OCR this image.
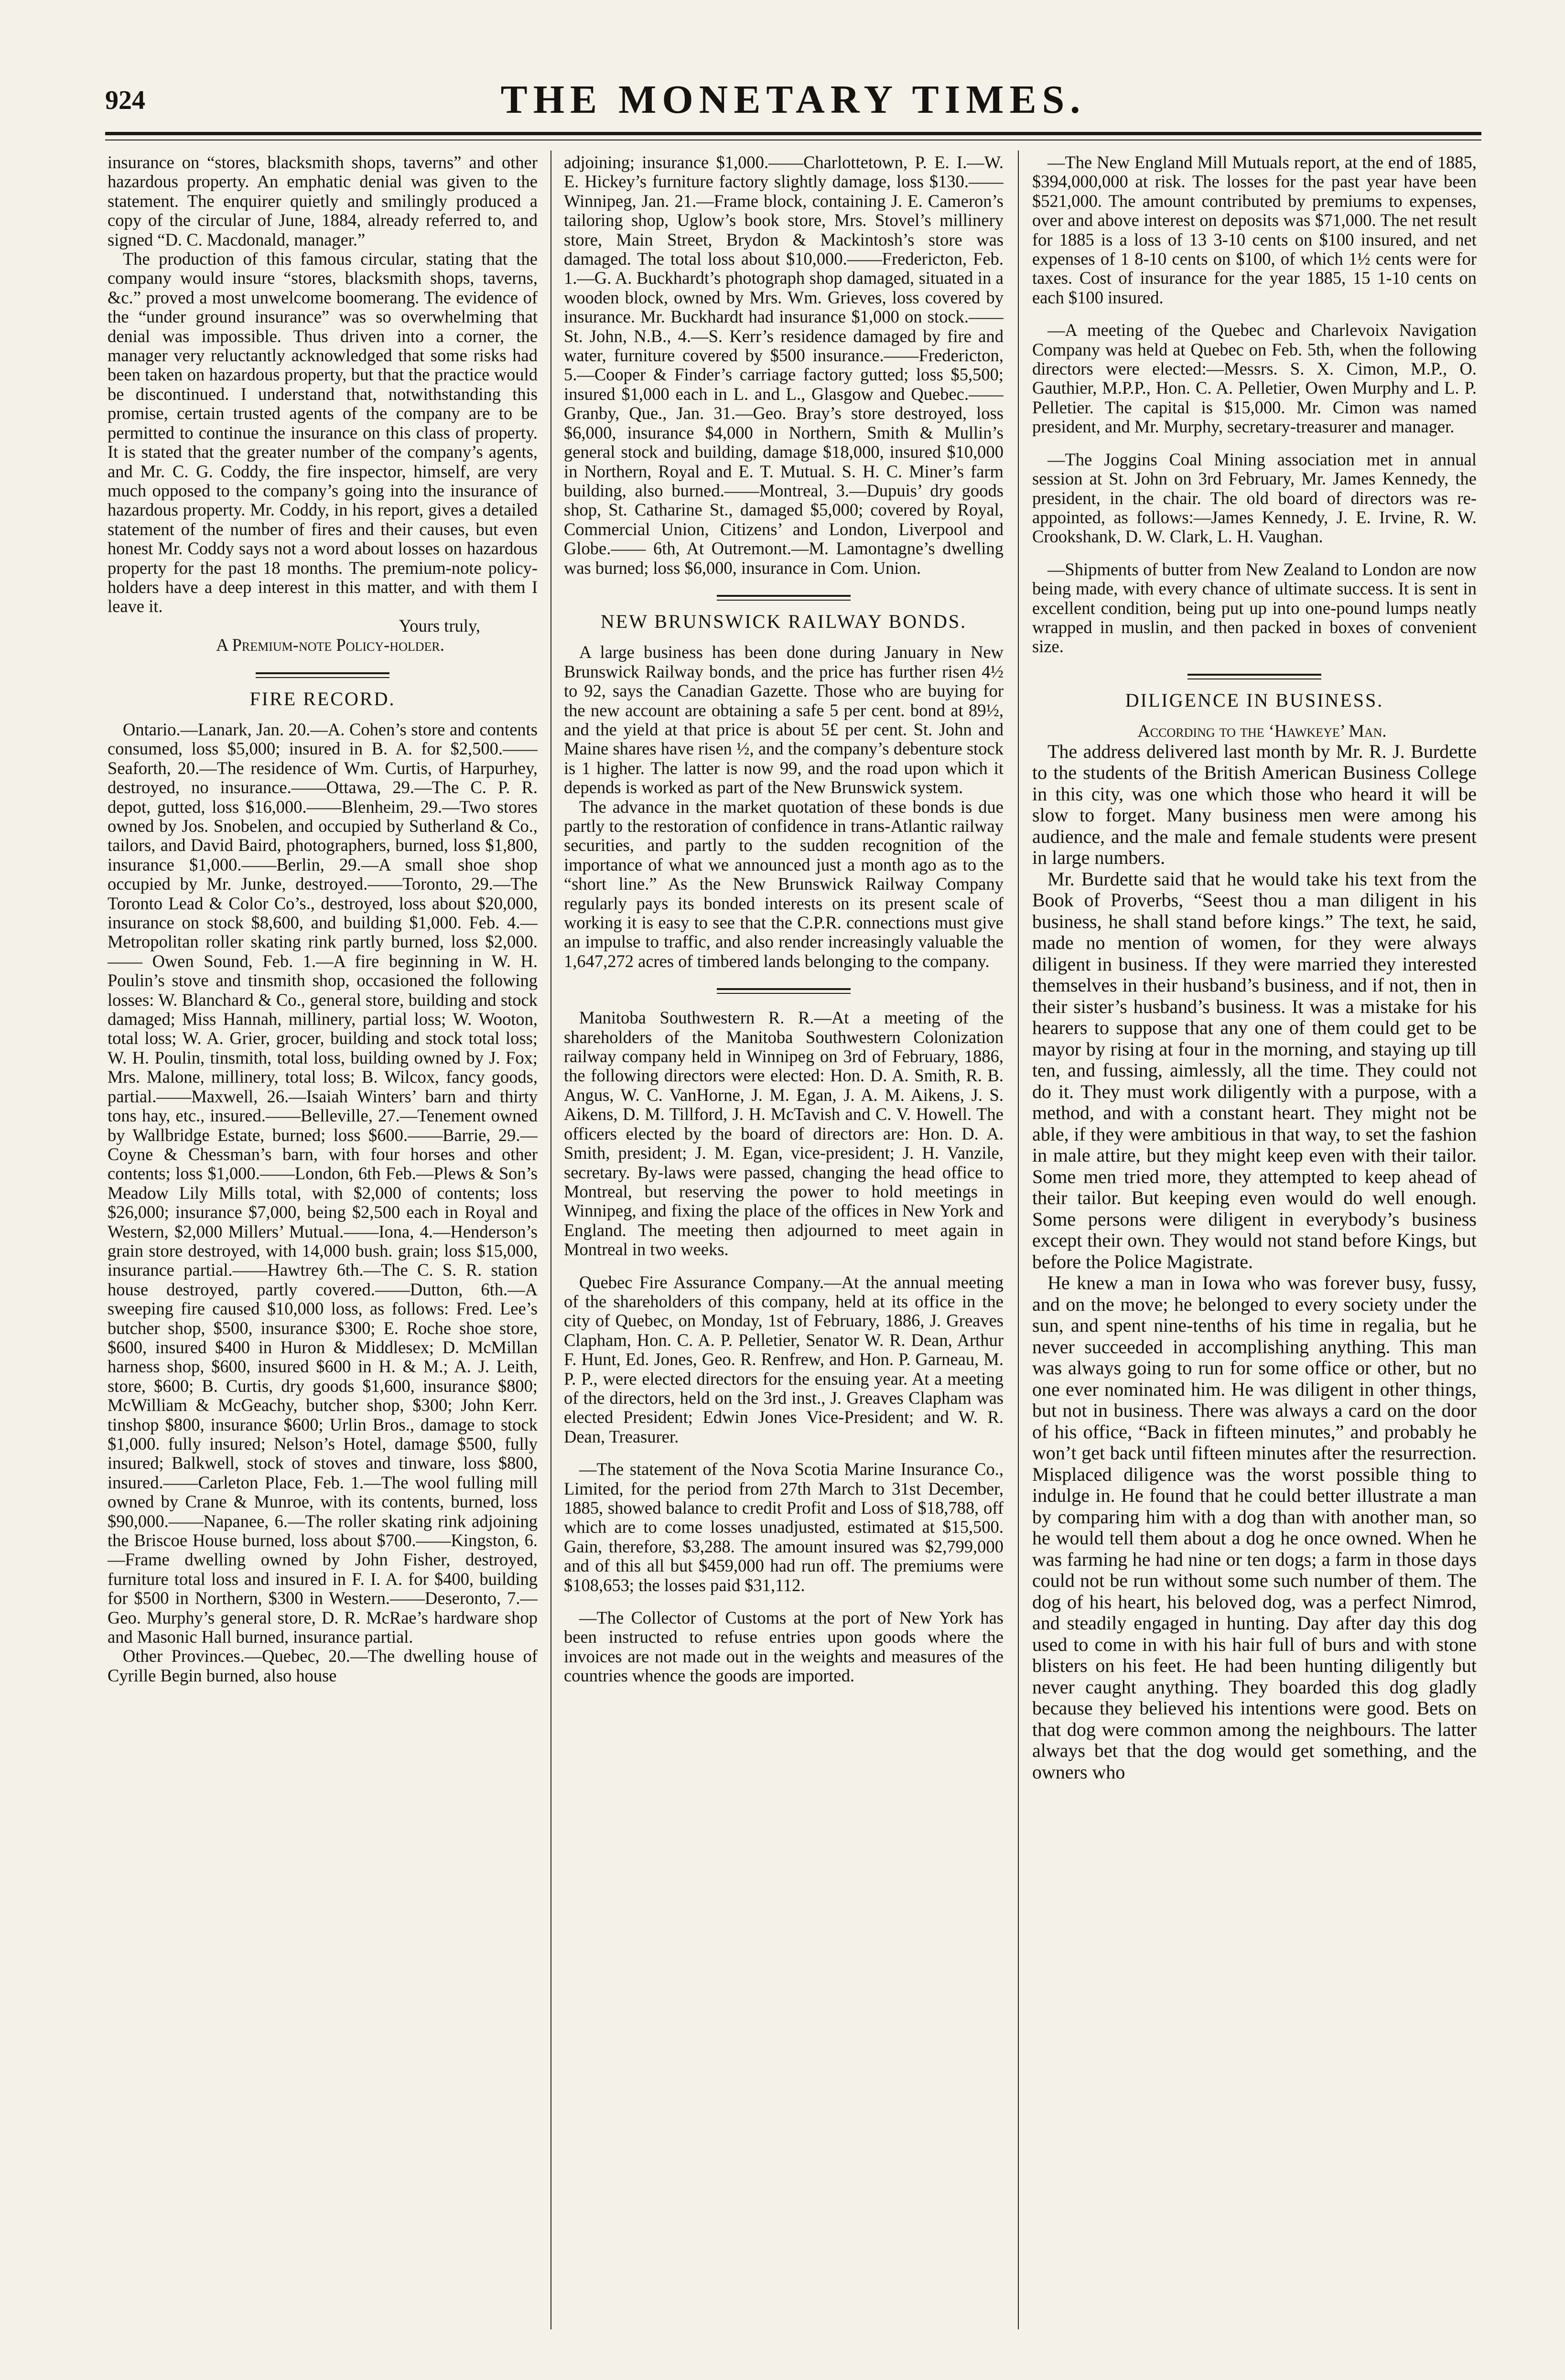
924	THE MONETARY TIMES.

insurance on “stores, blacksmith shops, taverns” and other hazardous property. An emphatic denial was given to the statement. The enquirer quietly and smilingly produced a copy of the circular of June, 1884, already referred to, and signed “D. C. Macdonald, manager.”

The production of this famous circular, stating that the company would insure “stores, blacksmith shops, taverns, &c.” proved a most unwelcome boomerang. The evidence of the “under ground insurance” was so overwhelming that denial was impossible. Thus driven into a corner, the manager very reluctantly acknowledged that some risks had been taken on hazardous property, but that the practice would be discontinued. I understand that, notwithstanding this promise, certain trusted agents of the company are to be permitted to continue the insurance on this class of property. It is stated that the greater number of the company’s agents, and Mr. C. G. Coddy, the fire inspector, himself, are very much opposed to the company’s going into the insurance of hazardous property. Mr. Coddy, in his report, gives a detailed statement of the number of fires and their causes, but even honest Mr. Coddy says not a word about losses on hazardous property for the past 18 months. The premium-note policy-holders have a deep interest in this matter, and with them I leave it.

Yours truly,

A Premium-note Policy-holder.

FIRE RECORD.

Ontario.—Lanark, Jan. 20.—A. Cohen’s store and contents consumed, loss $5,000; insured in B. A. for $2,500.——Seaforth, 20.—The residence of Wm. Curtis, of Harpurhey, destroyed, no insurance.——Ottawa, 29.—The C. P. R. depot, gutted, loss $16,000.——Blenheim, 29.—Two stores owned by Jos. Snobelen, and occupied by Sutherland & Co., tailors, and David Baird, photographers, burned, loss $1,800, insurance $1,000.——Berlin, 29.—A small shoe shop occupied by Mr. Junke, destroyed.——Toronto, 29.—The Toronto Lead & Color Co’s., destroyed, loss about $20,000, insurance on stock $8,600, and building $1,000. Feb. 4.—Metropolitan roller skating rink partly burned, loss $2,000. —— Owen Sound, Feb. 1.—A fire beginning in W. H. Poulin’s stove and tinsmith shop, occasioned the following losses: W. Blanchard & Co., general store, building and stock damaged; Miss Hannah, millinery, partial loss; W. Wooton, total loss; W. A. Grier, grocer, building and stock total loss; W. H. Poulin, tinsmith, total loss, building owned by J. Fox; Mrs. Malone, millinery, total loss; B. Wilcox, fancy goods, partial.——Maxwell, 26.—Isaiah Winters’ barn and thirty tons hay, etc., insured.——Belleville, 27.—Tenement owned by Wallbridge Estate, burned; loss $600.——Barrie, 29.—Coyne & Chessman’s barn, with four horses and other contents; loss $1,000.——London, 6th Feb.—Plews & Son’s Meadow Lily Mills total, with $2,000 of contents; loss $26,000; insurance $7,000, being $2,500 each in Royal and Western, $2,000 Millers’ Mutual.——Iona, 4.—Henderson’s grain store destroyed, with 14,000 bush. grain; loss $15,000, insurance partial.——Hawtrey 6th.—The C. S. R. station house destroyed, partly covered.——Dutton, 6th.—A sweeping fire caused $10,000 loss, as follows: Fred. Lee’s butcher shop, $500, insurance $300; E. Roche shoe store, $600, insured $400 in Huron & Middlesex; D. McMillan harness shop, $600, insured $600 in H. & M.; A. J. Leith, store, $600; B. Curtis, dry goods $1,600, insurance $800; McWilliam & McGeachy, butcher shop, $300; John Kerr. tinshop $800, insurance $600; Urlin Bros., damage to stock $1,000. fully insured; Nelson’s Hotel, damage $500, fully insured; Balkwell, stock of stoves and tinware, loss $800, insured.——Carleton Place, Feb. 1.—The wool fulling mill owned by Crane & Munroe, with its contents, burned, loss $90,000.——Napanee, 6.—The roller skating rink adjoining the Briscoe House burned, loss about $700.——Kingston, 6.—Frame dwelling owned by John Fisher, destroyed, furniture total loss and insured in F. I. A. for $400, building for $500 in Northern, $300 in Western.——Deseronto, 7.—Geo. Murphy’s general store, D. R. McRae’s hardware shop and Masonic Hall burned, insurance partial.

Other Provinces.—Quebec, 20.—The dwelling house of Cyrille Begin burned, also house

adjoining; insurance $1,000.——Charlottetown, P. E. I.—W. E. Hickey’s furniture factory slightly damage, loss $130.——Winnipeg, Jan. 21.—Frame block, containing J. E. Cameron’s tailoring shop, Uglow’s book store, Mrs. Stovel’s millinery store, Main Street, Brydon & Mackintosh’s store was damaged. The total loss about $10,000.——Fredericton, Feb. 1.—G. A. Buckhardt’s photograph shop damaged, situated in a wooden block, owned by Mrs. Wm. Grieves, loss covered by insurance. Mr. Buckhardt had insurance $1,000 on stock.——St. John, N.B., 4.—S. Kerr’s residence damaged by fire and water, furniture covered by $500 insurance.——Fredericton, 5.—Cooper & Finder’s carriage factory gutted; loss $5,500; insured $1,000 each in L. and L., Glasgow and Quebec.——Granby, Que., Jan. 31.—Geo. Bray’s store destroyed, loss $6,000, insurance $4,000 in Northern, Smith & Mullin’s general stock and building, damage $18,000, insured $10,000 in Northern, Royal and E. T. Mutual. S. H. C. Miner’s farm building, also burned.——Montreal, 3.—Dupuis’ dry goods shop, St. Catharine St., damaged $5,000; covered by Royal, Commercial Union, Citizens’ and London, Liverpool and Globe.—— 6th, At Outremont.—M. Lamontagne’s dwelling was burned; loss $6,000, insurance in Com. Union.

NEW BRUNSWICK RAILWAY BONDS.

A large business has been done during January in New Brunswick Railway bonds, and the price has further risen 4½ to 92, says the Canadian Gazette. Those who are buying for the new account are obtaining a safe 5 per cent. bond at 89½, and the yield at that price is about 5£ per cent. St. John and Maine shares have risen ½, and the company’s debenture stock is 1 higher. The latter is now 99, and the road upon which it depends is worked as part of the New Brunswick system.

The advance in the market quotation of these bonds is due partly to the restoration of confidence in trans-Atlantic railway securities, and partly to the sudden recognition of the importance of what we announced just a month ago as to the “short line.” As the New Brunswick Railway Company regularly pays its bonded interests on its present scale of working it is easy to see that the C.P.R. connections must give an impulse to traffic, and also render increasingly valuable the 1,647,272 acres of timbered lands belonging to the company.

Manitoba Southwestern R. R.—At a meeting of the shareholders of the Manitoba Southwestern Colonization railway company held in Winnipeg on 3rd of February, 1886, the following directors were elected: Hon. D. A. Smith, R. B. Angus, W. C. VanHorne, J. M. Egan, J. A. M. Aikens, J. S. Aikens, D. M. Tillford, J. H. McTavish and C. V. Howell. The officers elected by the board of directors are: Hon. D. A. Smith, president; J. M. Egan, vice-president; J. H. Vanzile, secretary. By-laws were passed, changing the head office to Montreal, but reserving the power to hold meetings in Winnipeg, and fixing the place of the offices in New York and England. The meeting then adjourned to meet again in Montreal in two weeks.

Quebec Fire Assurance Company.—At the annual meeting of the shareholders of this company, held at its office in the city of Quebec, on Monday, 1st of February, 1886, J. Greaves Clapham, Hon. C. A. P. Pelletier, Senator W. R. Dean, Arthur F. Hunt, Ed. Jones, Geo. R. Renfrew, and Hon. P. Garneau, M. P. P., were elected directors for the ensuing year. At a meeting of the directors, held on the 3rd inst., J. Greaves Clapham was elected President; Edwin Jones Vice-President; and W. R. Dean, Treasurer.

—The statement of the Nova Scotia Marine Insurance Co., Limited, for the period from 27th March to 31st December, 1885, showed balance to credit Profit and Loss of $18,788, off which are to come losses unadjusted, estimated at $15,500. Gain, therefore, $3,288. The amount insured was $2,799,000 and of this all but $459,000 had run off. The premiums were $108,653; the losses paid $31,112.

—The Collector of Customs at the port of New York has been instructed to refuse entries upon goods where the invoices are not made out in the weights and measures of the countries whence the goods are imported.

—The New England Mill Mutuals report, at the end of 1885, $394,000,000 at risk. The losses for the past year have been $521,000. The amount contributed by premiums to expenses, over and above interest on deposits was $71,000. The net result for 1885 is a loss of 13 3-10 cents on $100 insured, and net expenses of 1 8-10 cents on $100, of which 1½ cents were for taxes. Cost of insurance for the year 1885, 15 1-10 cents on each $100 insured.

—A meeting of the Quebec and Charlevoix Navigation Company was held at Quebec on Feb. 5th, when the following directors were elected:—Messrs. S. X. Cimon, M.P., O. Gauthier, M.P.P., Hon. C. A. Pelletier, Owen Murphy and L. P. Pelletier. The capital is $15,000. Mr. Cimon was named president, and Mr. Murphy, secretary-treasurer and manager.

—The Joggins Coal Mining association met in annual session at St. John on 3rd February, Mr. James Kennedy, the president, in the chair. The old board of directors was re-appointed, as follows:—James Kennedy, J. E. Irvine, R. W. Crookshank, D. W. Clark, L. H. Vaughan.

—Shipments of butter from New Zealand to London are now being made, with every chance of ultimate success. It is sent in excellent condition, being put up into one-pound lumps neatly wrapped in muslin, and then packed in boxes of convenient size.

DILIGENCE IN BUSINESS.

According to the ‘Hawkeye’ Man.

The address delivered last month by Mr. R. J. Burdette to the students of the British American Business College in this city, was one which those who heard it will be slow to forget. Many business men were among his audience, and the male and female students were present in large numbers.

Mr. Burdette said that he would take his text from the Book of Proverbs, “Seest thou a man diligent in his business, he shall stand before kings.” The text, he said, made no mention of women, for they were always diligent in business. If they were married they interested themselves in their husband’s business, and if not, then in their sister’s husband’s business. It was a mistake for his hearers to suppose that any one of them could get to be mayor by rising at four in the morning, and staying up till ten, and fussing, aimlessly, all the time. They could not do it. They must work diligently with a purpose, with a method, and with a constant heart. They might not be able, if they were ambitious in that way, to set the fashion in male attire, but they might keep even with their tailor. Some men tried more, they attempted to keep ahead of their tailor. But keeping even would do well enough. Some persons were diligent in everybody’s business except their own. They would not stand before Kings, but before the Police Magistrate.

He knew a man in Iowa who was forever busy, fussy, and on the move; he belonged to every society under the sun, and spent nine-tenths of his time in regalia, but he never succeeded in accomplishing anything. This man was always going to run for some office or other, but no one ever nominated him. He was diligent in other things, but not in business. There was always a card on the door of his office, “Back in fifteen minutes,” and probably he won’t get back until fifteen minutes after the resurrection. Misplaced diligence was the worst possible thing to indulge in. He found that he could better illustrate a man by comparing him with a dog than with another man, so he would tell them about a dog he once owned. When he was farming he had nine or ten dogs; a farm in those days could not be run without some such number of them. The dog of his heart, his beloved dog, was a perfect Nimrod, and steadily engaged in hunting. Day after day this dog used to come in with his hair full of burs and with stone blisters on his feet. He had been hunting diligently but never caught anything. They boarded this dog gladly because they believed his intentions were good. Bets on that dog were common among the neighbours. The latter always bet that the dog would get something, and the owners who
